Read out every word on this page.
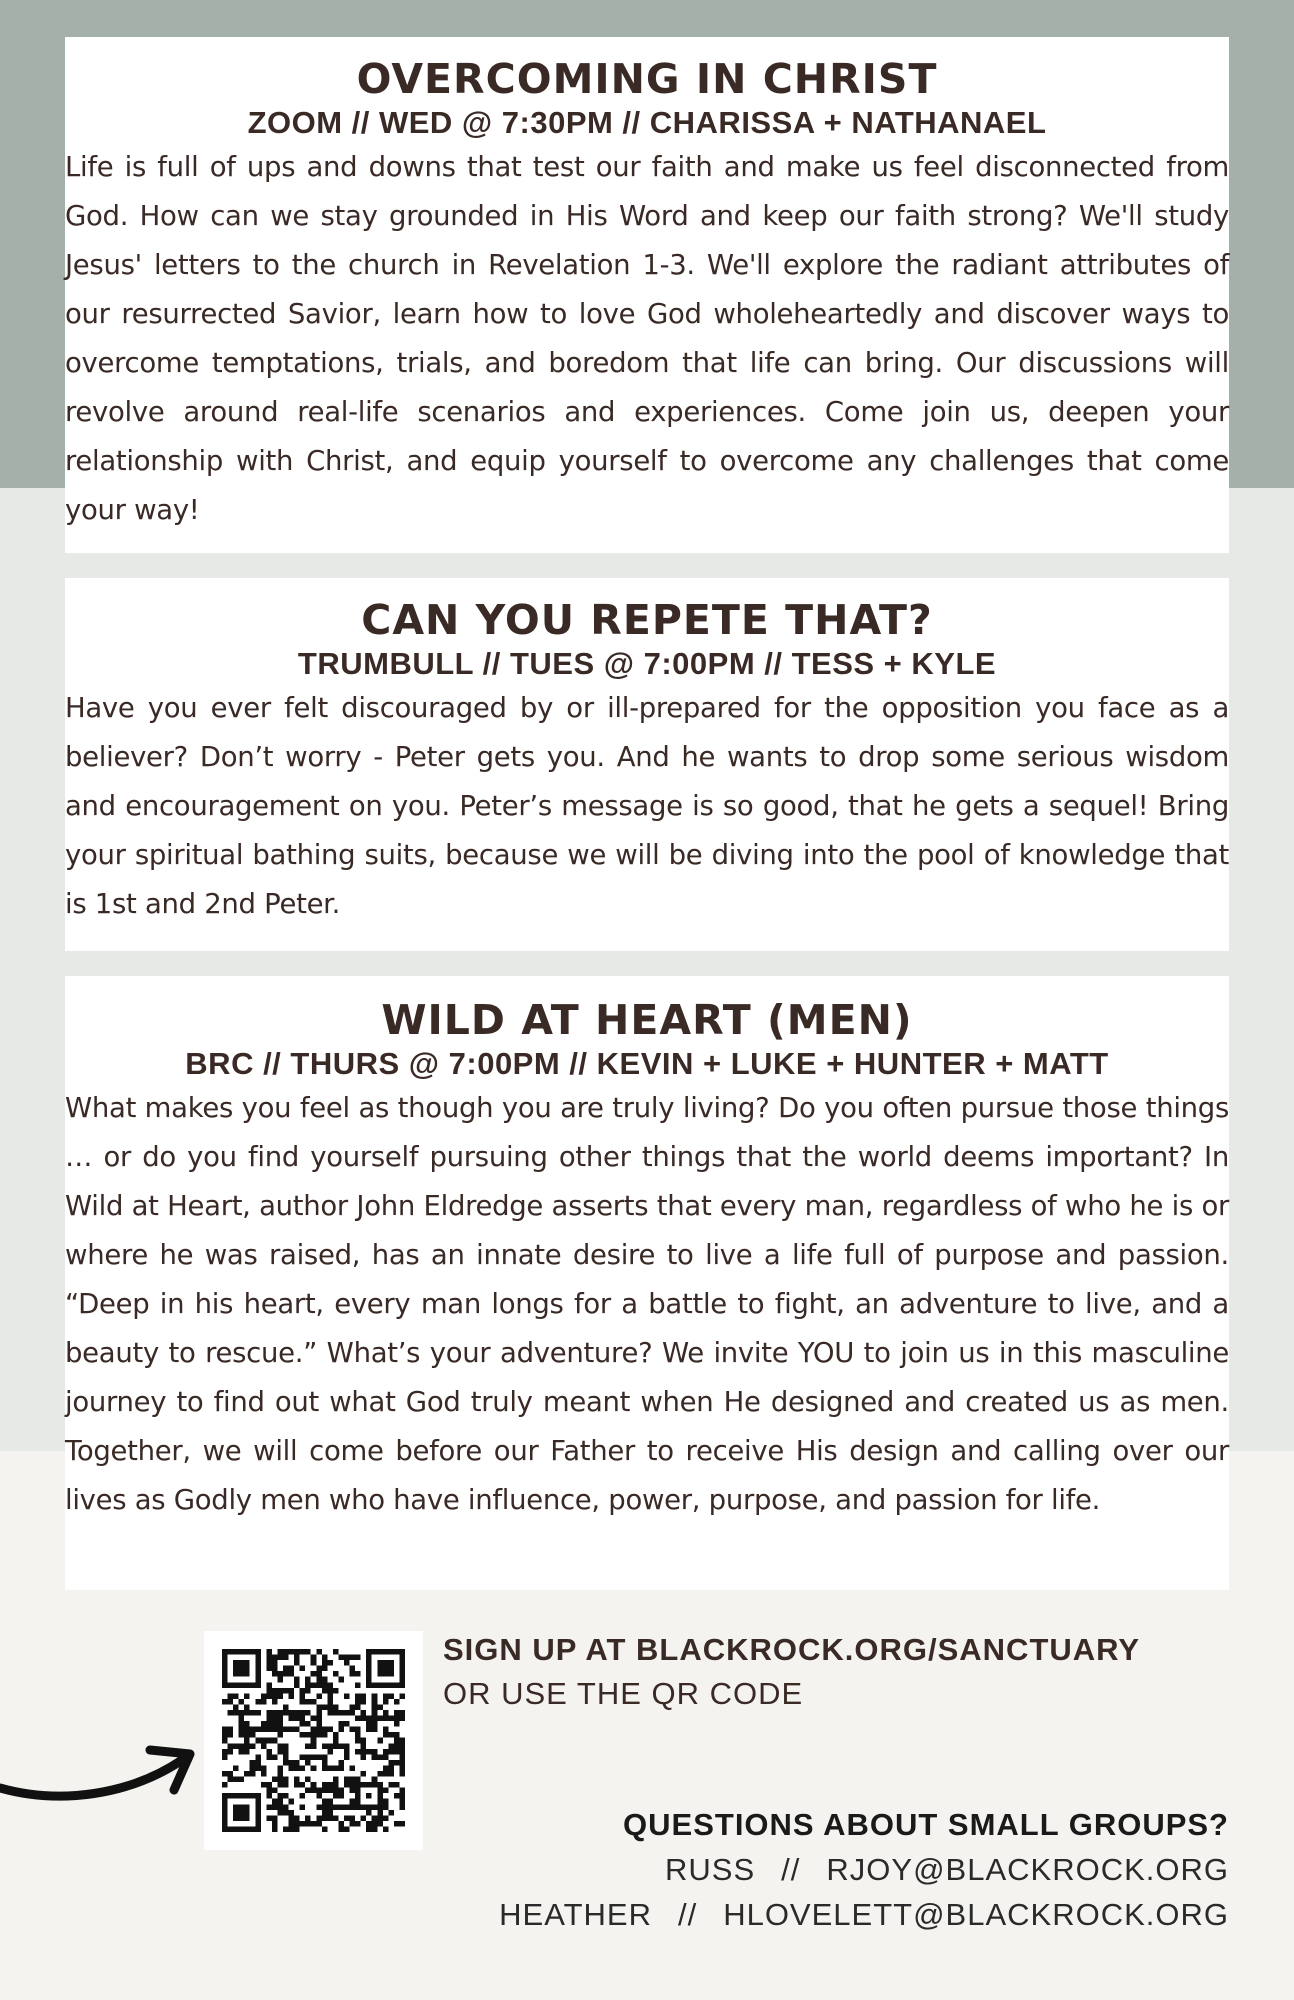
OVERCOMING IN CHRIST
ZOOM // WED @ 7:30PM // CHARISSA + NATHANAEL

Life is full of ups and downs that test our faith and make us feel disconnected from God. How can we stay grounded in His Word and keep our faith strong? We'll study Jesus' letters to the church in Revelation 1-3. We'll explore the radiant attributes of our resurrected Savior, learn how to love God wholeheartedly and discover ways to overcome temptations, trials, and boredom that life can bring. Our discussions will revolve around real-life scenarios and experiences. Come join us, deepen your relationship with Christ, and equip yourself to overcome any challenges that come your way!

CAN YOU REPETE THAT?
TRUMBULL // TUES @ 7:00PM // TESS + KYLE

Have you ever felt discouraged by or ill-prepared for the opposition you face as a believer? Don’t worry - Peter gets you. And he wants to drop some serious wisdom and encouragement on you. Peter’s message is so good, that he gets a sequel! Bring your spiritual bathing suits, because we will be diving into the pool of knowledge that is 1st and 2nd Peter.

WILD AT HEART (MEN)
BRC // THURS @ 7:00PM // KEVIN + LUKE + HUNTER + MATT

What makes you feel as though you are truly living? Do you often pursue those things … or do you find yourself pursuing other things that the world deems important? In Wild at Heart, author John Eldredge asserts that every man, regardless of who he is or where he was raised, has an innate desire to live a life full of purpose and passion. “Deep in his heart, every man longs for a battle to fight, an adventure to live, and a beauty to rescue.” What’s your adventure? We invite YOU to join us in this masculine journey to find out what God truly meant when He designed and created us as men. Together, we will come before our Father to receive His design and calling over our lives as Godly men who have influence, power, purpose, and passion for life.

SIGN UP AT BLACKROCK.ORG/SANCTUARY
OR USE THE QR CODE
QUESTIONS ABOUT SMALL GROUPS?
RUSS // RJOY@BLACKROCK.ORG
HEATHER // HLOVELETT@BLACKROCK.ORG
